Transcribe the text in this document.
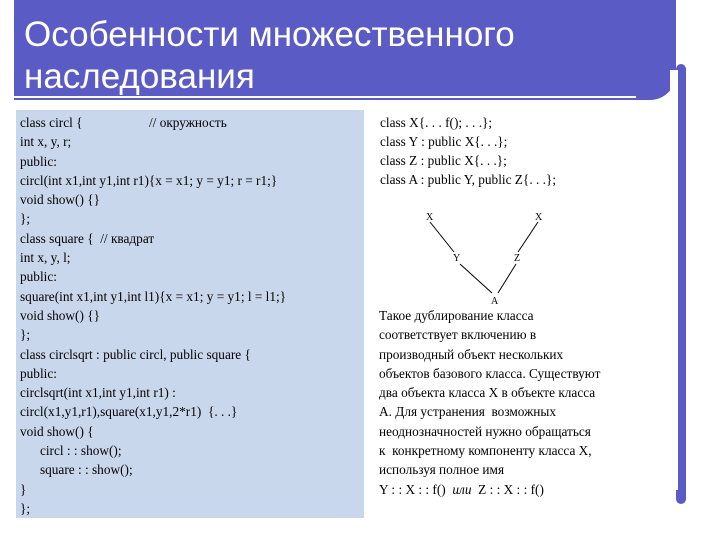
Особенности множественного
наследования
class circl {                    // окружность
int x, y, r;
public:
circl(int x1,int y1,int r1){x = x1; y = y1; r = r1;}
void show() {}
};
class square {  // квадрат
int x, y, l;
public:
square(int x1,int y1,int l1){x = x1; y = y1; l = l1;}
void show() {}
};
class circlsqrt : public circl, public square {
public:
circlsqrt(int x1,int y1,int r1) :
circl(x1,y1,r1),square(x1,y1,2*r1)  {. . .}
void show() {
circl : : show();
square : : show();
}
};
class X{. . . f(); . . .};
class Y : public X{. . .};
class Z : public X{. . .};
class A : public Y, public Z{. . .};
X	X
Y	Z
A
Такое дублирование класса
соответствует включению в
производный объект нескольких
объектов базового класса. Существуют
два объекта класса X в объекте класса
A. Для устранения  возможных
неоднозначностей нужно обращаться
к  конкретному компоненту класса X,
используя полное имя
Y : : X : : f() или Z : : X : : f()
